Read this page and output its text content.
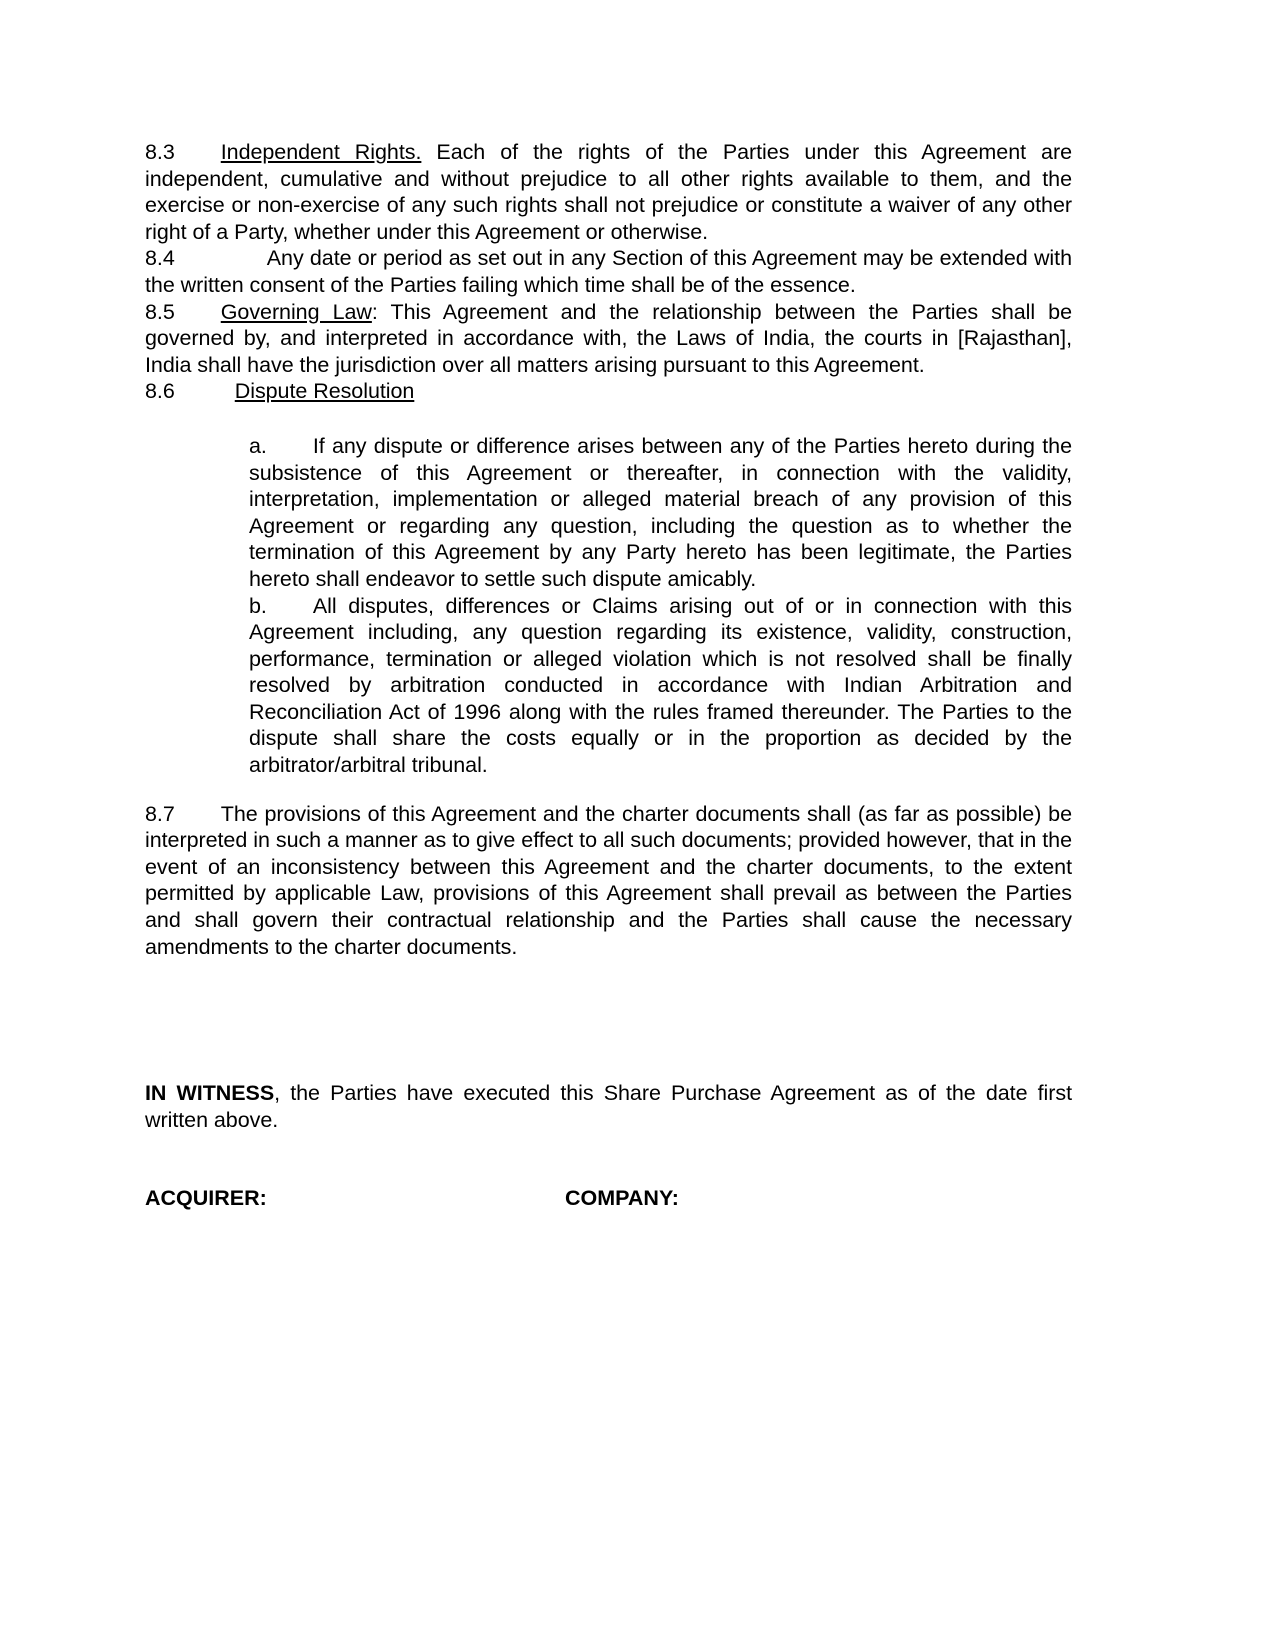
8.3 Independent Rights. Each of the rights of the Parties under this Agreement are independent, cumulative and without prejudice to all other rights available to them, and the exercise or non-exercise of any such rights shall not prejudice or constitute a waiver of any other right of a Party, whether under this Agreement or otherwise.

8.4	Any date or period as set out in any Section of this Agreement may be extended with the written consent of the Parties failing which time shall be of the essence.

8.5 Governing Law: This Agreement and the relationship between the Parties shall be governed by, and interpreted in accordance with, the Laws of India, the courts in [Rajasthan], India shall have the jurisdiction over all matters arising pursuant to this Agreement.

8.6	Dispute Resolution

a. If any dispute or difference arises between any of the Parties hereto during the subsistence of this Agreement or thereafter, in connection with the validity, interpretation, implementation or alleged material breach of any provision of this Agreement or regarding any question, including the question as to whether the termination of this Agreement by any Party hereto has been legitimate, the Parties hereto shall endeavor to settle such dispute amicably.

b. All disputes, differences or Claims arising out of or in connection with this Agreement including, any question regarding its existence, validity, construction, performance, termination or alleged violation which is not resolved shall be finally resolved by arbitration conducted in accordance with Indian Arbitration and Reconciliation Act of 1996 along with the rules framed thereunder. The Parties to the dispute shall share the costs equally or in the proportion as decided by the arbitrator/arbitral tribunal.

8.7 The provisions of this Agreement and the charter documents shall (as far as possible) be interpreted in such a manner as to give effect to all such documents; provided however, that in the event of an inconsistency between this Agreement and the charter documents, to the extent permitted by applicable Law, provisions of this Agreement shall prevail as between the Parties and shall govern their contractual relationship and the Parties shall cause the necessary amendments to the charter documents.

IN WITNESS, the Parties have executed this Share Purchase Agreement as of the date first written above.

ACQUIRER:	COMPANY:
